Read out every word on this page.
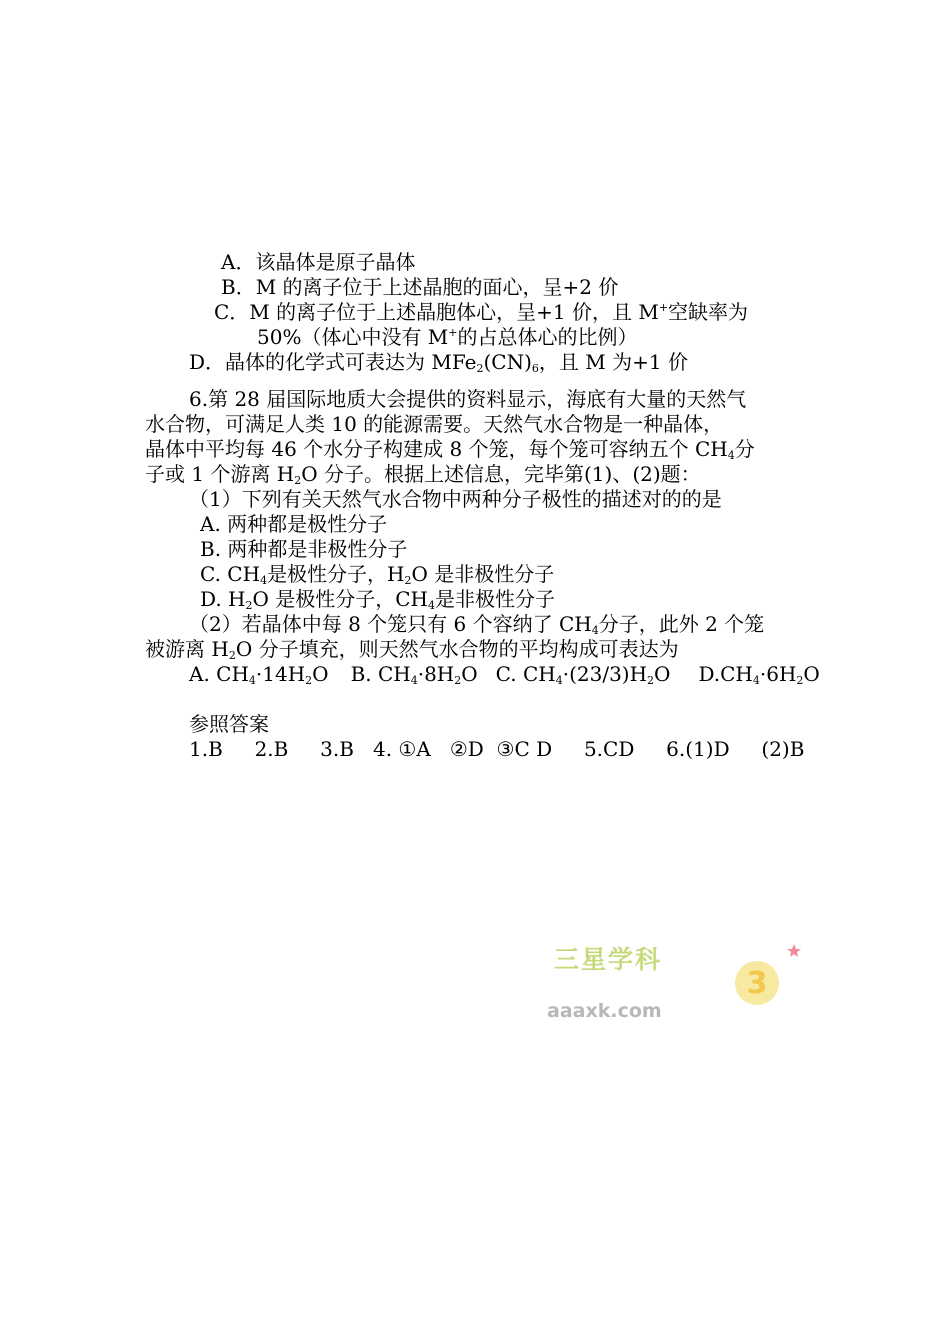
A．该晶体是原子晶体
B．M 的离子位于上述晶胞的面心，呈+2 价
C．M 的离子位于上述晶胞体心，呈+1 价，且 M+空缺率为
50%（体心中没有 M+的占总体心的比例）
D．晶体的化学式可表达为 $MFe_2(CN)_6$，且 M 为+1 价
6.第 28 届国际地质大会提供的资料显示，海底有大量的天然气
水合物，可满足人类 10 的能源需要。天然气水合物是一种晶体，
晶体中平均每 46 个水分子构建成 8 个笼，每个笼可容纳五个 $CH_4$分
子或 1 个游离 $H_2O$ 分子。根据上述信息，完毕第(1)、(2)题：
（1）下列有关天然气水合物中两种分子极性的描述对的的是
A. 两种都是极性分子
B. 两种都是非极性分子
C. $CH_4$是极性分子，$H_2O$ 是非极性分子
D. $H_2O$ 是极性分子，$CH_4$是非极性分子
（2）若晶体中每 8 个笼只有 6 个容纳了 $CH_4$分子，此外 2 个笼
被游离 $H_2O$ 分子填充，则天然气水合物的平均构成可表达为
A. $CH_4\cdot 14H_2O$ B. $CH_4\cdot 8H_2O$ C. $CH_4\cdot(23/3)H_2O$ $D.CH_4\cdot 6H_2O$
参照答案
1.B     2.B     3.B   4. ①A   ②D  ③C D     5.CD     6.(1)D     (2)B
三星学科
aaaxk.com
3
